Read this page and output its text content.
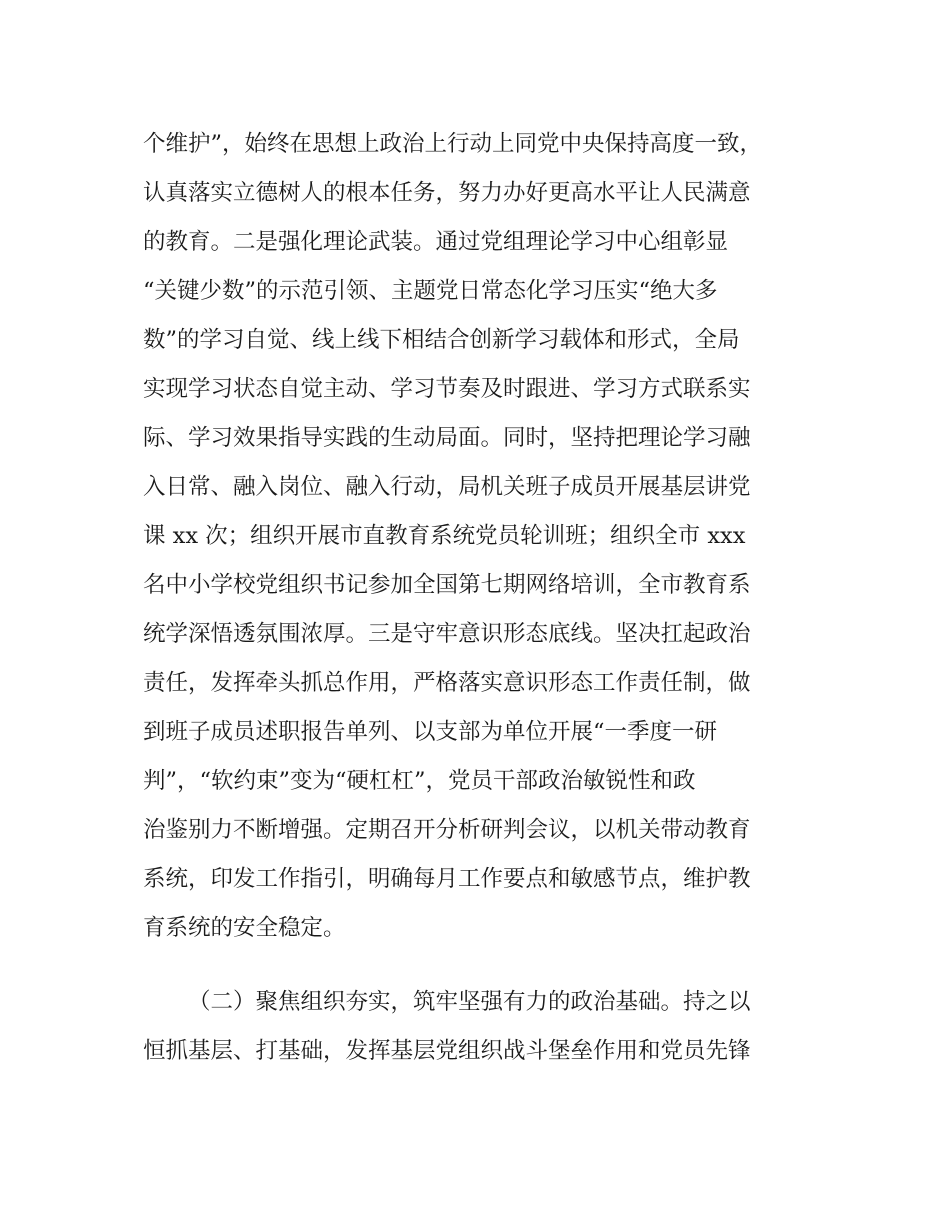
个维护”，始终在思想上政治上行动上同党中央保持高度一致，
认真落实立德树人的根本任务，努力办好更高水平让人民满意
的教育。二是强化理论武装。通过党组理论学习中心组彰显
“关键少数”的示范引领、主题党日常态化学习压实“绝大多
数”的学习自觉、线上线下相结合创新学习载体和形式，全局
实现学习状态自觉主动、学习节奏及时跟进、学习方式联系实
际、学习效果指导实践的生动局面。同时，坚持把理论学习融
入日常、融入岗位、融入行动，局机关班子成员开展基层讲党
课 xx 次；组织开展市直教育系统党员轮训班；组织全市 xxx
名中小学校党组织书记参加全国第七期网络培训，全市教育系
统学深悟透氛围浓厚。三是守牢意识形态底线。坚决扛起政治
责任，发挥牵头抓总作用，严格落实意识形态工作责任制，做
到班子成员述职报告单列、以支部为单位开展“一季度一研
判”，“软约束”变为“硬杠杠”，党员干部政治敏锐性和政
治鉴别力不断增强。定期召开分析研判会议，以机关带动教育
系统，印发工作指引，明确每月工作要点和敏感节点，维护教
育系统的安全稳定。
（二）聚焦组织夯实，筑牢坚强有力的政治基础。持之以
恒抓基层、打基础，发挥基层党组织战斗堡垒作用和党员先锋
